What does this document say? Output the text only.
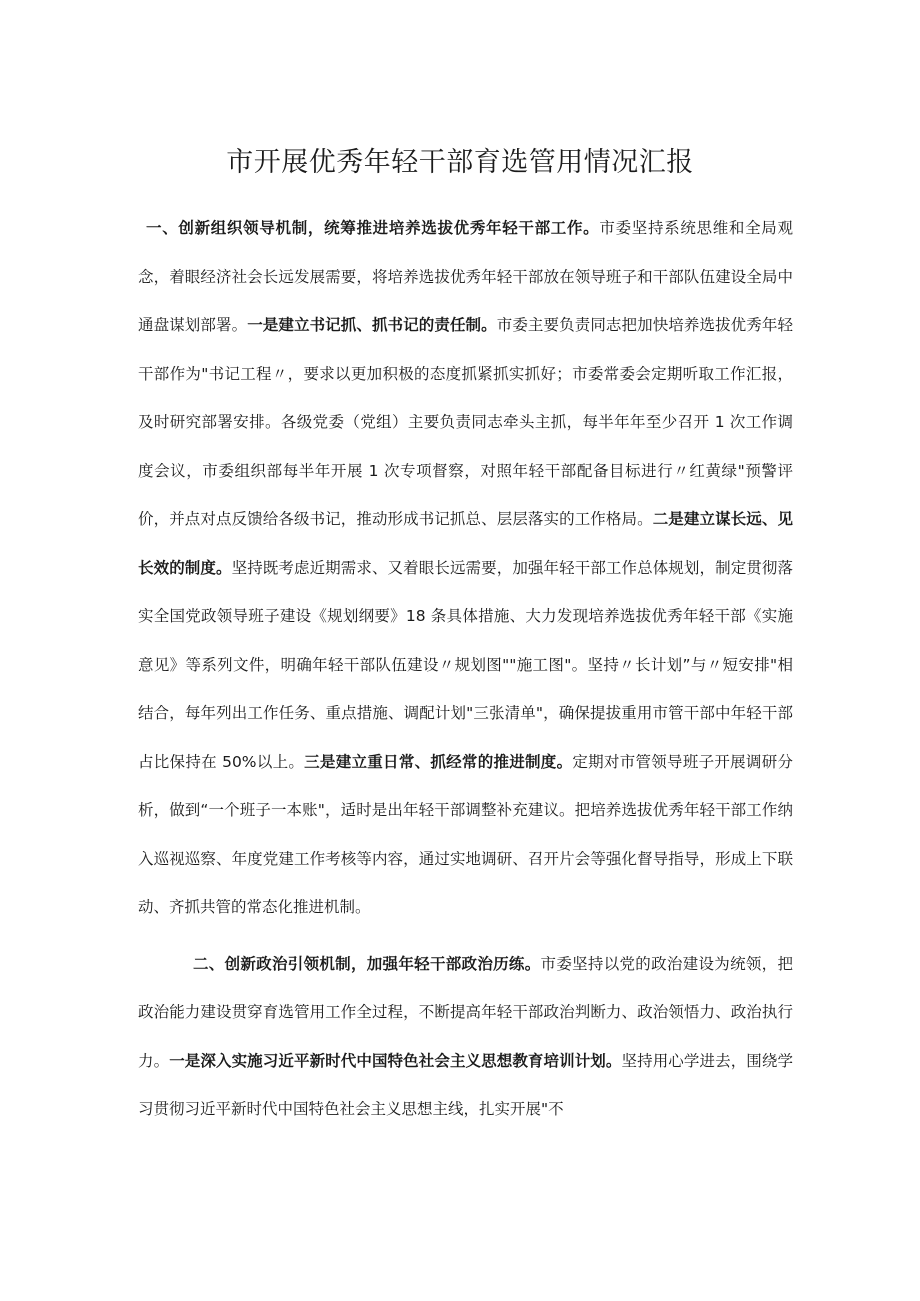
市开展优秀年轻干部育选管用情况汇报

一、创新组织领导机制，统筹推进培养选拔优秀年轻干部工作。市委坚持系统思维和全局观念，着眼经济社会长远发展需要，将培养选拔优秀年轻干部放在领导班子和干部队伍建设全局中通盘谋划部署。一是建立书记抓、抓书记的责任制。市委主要负责同志把加快培养选拔优秀年轻干部作为"书记工程〃，要求以更加积极的态度抓紧抓实抓好；市委常委会定期听取工作汇报，及时研究部署安排。各级党委（党组）主要负责同志牵头主抓，每半年年至少召开 1 次工作调度会议，市委组织部每半年开展 1 次专项督察，对照年轻干部配备目标进行〃红黄绿"预警评价，并点对点反馈给各级书记，推动形成书记抓总、层层落实的工作格局。二是建立谋长远、见长效的制度。坚持既考虑近期需求、又着眼长远需要，加强年轻干部工作总体规划，制定贯彻落实全国党政领导班子建设《规划纲要》18 条具体措施、大力发现培养选拔优秀年轻干部《实施意见》等系列文件，明确年轻干部队伍建设〃规划图""施工图"。坚持〃长计划”与〃短安排"相结合，每年列出工作任务、重点措施、调配计划"三张清单"，确保提拔重用市管干部中年轻干部占比保持在 50%以上。三是建立重日常、抓经常的推进制度。定期对市管领导班子开展调研分析，做到“一个班子一本账"，适时是出年轻干部调整补充建议。把培养选拔优秀年轻干部工作纳入巡视巡察、年度党建工作考核等内容，通过实地调研、召开片会等强化督导指导，形成上下联动、齐抓共管的常态化推进机制。

二、创新政治引领机制，加强年轻干部政治历练。市委坚持以党的政治建设为统领，把政治能力建设贯穿育选管用工作全过程，不断提高年轻干部政治判断力、政治领悟力、政治执行力。一是深入实施习近平新时代中国特色社会主义思想教育培训计划。坚持用心学进去，围绕学习贯彻习近平新时代中国特色社会主义思想主线，扎实开展"不
